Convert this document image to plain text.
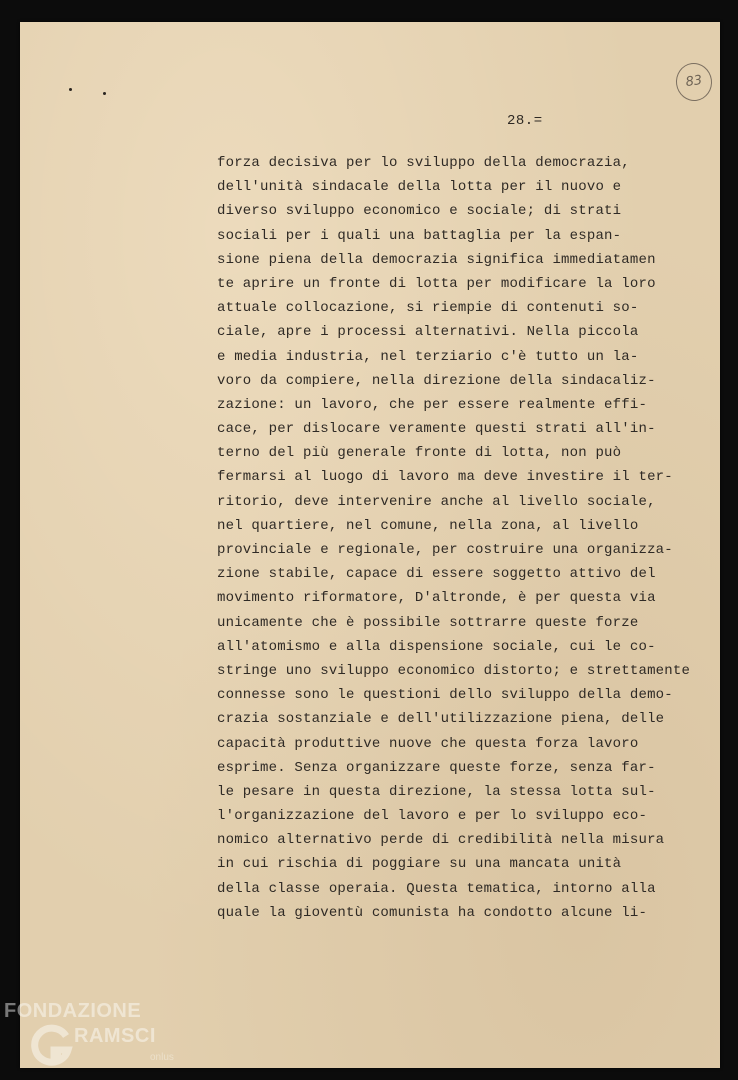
83
28.=
forza decisiva per lo sviluppo della democrazia,
dell'unità sindacale della lotta per il nuovo e
diverso sviluppo economico e sociale; di strati
sociali per i quali una battaglia per la espan-
sione piena della democrazia significa immediatamen
te aprire un fronte di lotta per modificare la loro
attuale collocazione, si riempie di contenuti so-
ciale, apre i processi alternativi. Nella piccola
e media industria, nel terziario c'è tutto un la-
voro da compiere, nella direzione della sindacaliz-
zazione: un lavoro, che per essere realmente effi-
cace, per dislocare veramente questi strati all'in-
terno del più generale fronte di lotta, non può
fermarsi al luogo di lavoro ma deve investire il ter-
ritorio, deve intervenire anche al livello sociale,
nel quartiere, nel comune, nella zona, al livello
provinciale e regionale, per costruire una organizza-
zione stabile, capace di essere soggetto attivo del
movimento riformatore, D'altronde, è per questa via
unicamente che è possibile sottrarre queste forze
all'atomismo e alla dispensione sociale, cui le co-
stringe uno sviluppo economico distorto; e strettamente
connesse sono le questioni dello sviluppo della demo-
crazia sostanziale e dell'utilizzazione piena, delle
capacità produttive nuove che questa forza lavoro
esprime. Senza organizzare queste forze, senza far-
le pesare in questa direzione, la stessa lotta sul-
l'organizzazione del lavoro e per lo sviluppo eco-
nomico alternativo perde di credibilità nella misura
in cui rischia di poggiare su una mancata unità
della classe operaia. Questa tematica, intorno alla
quale la gioventù comunista ha condotto alcune li-
FONDAZIONE
RAMSCI
onlus
